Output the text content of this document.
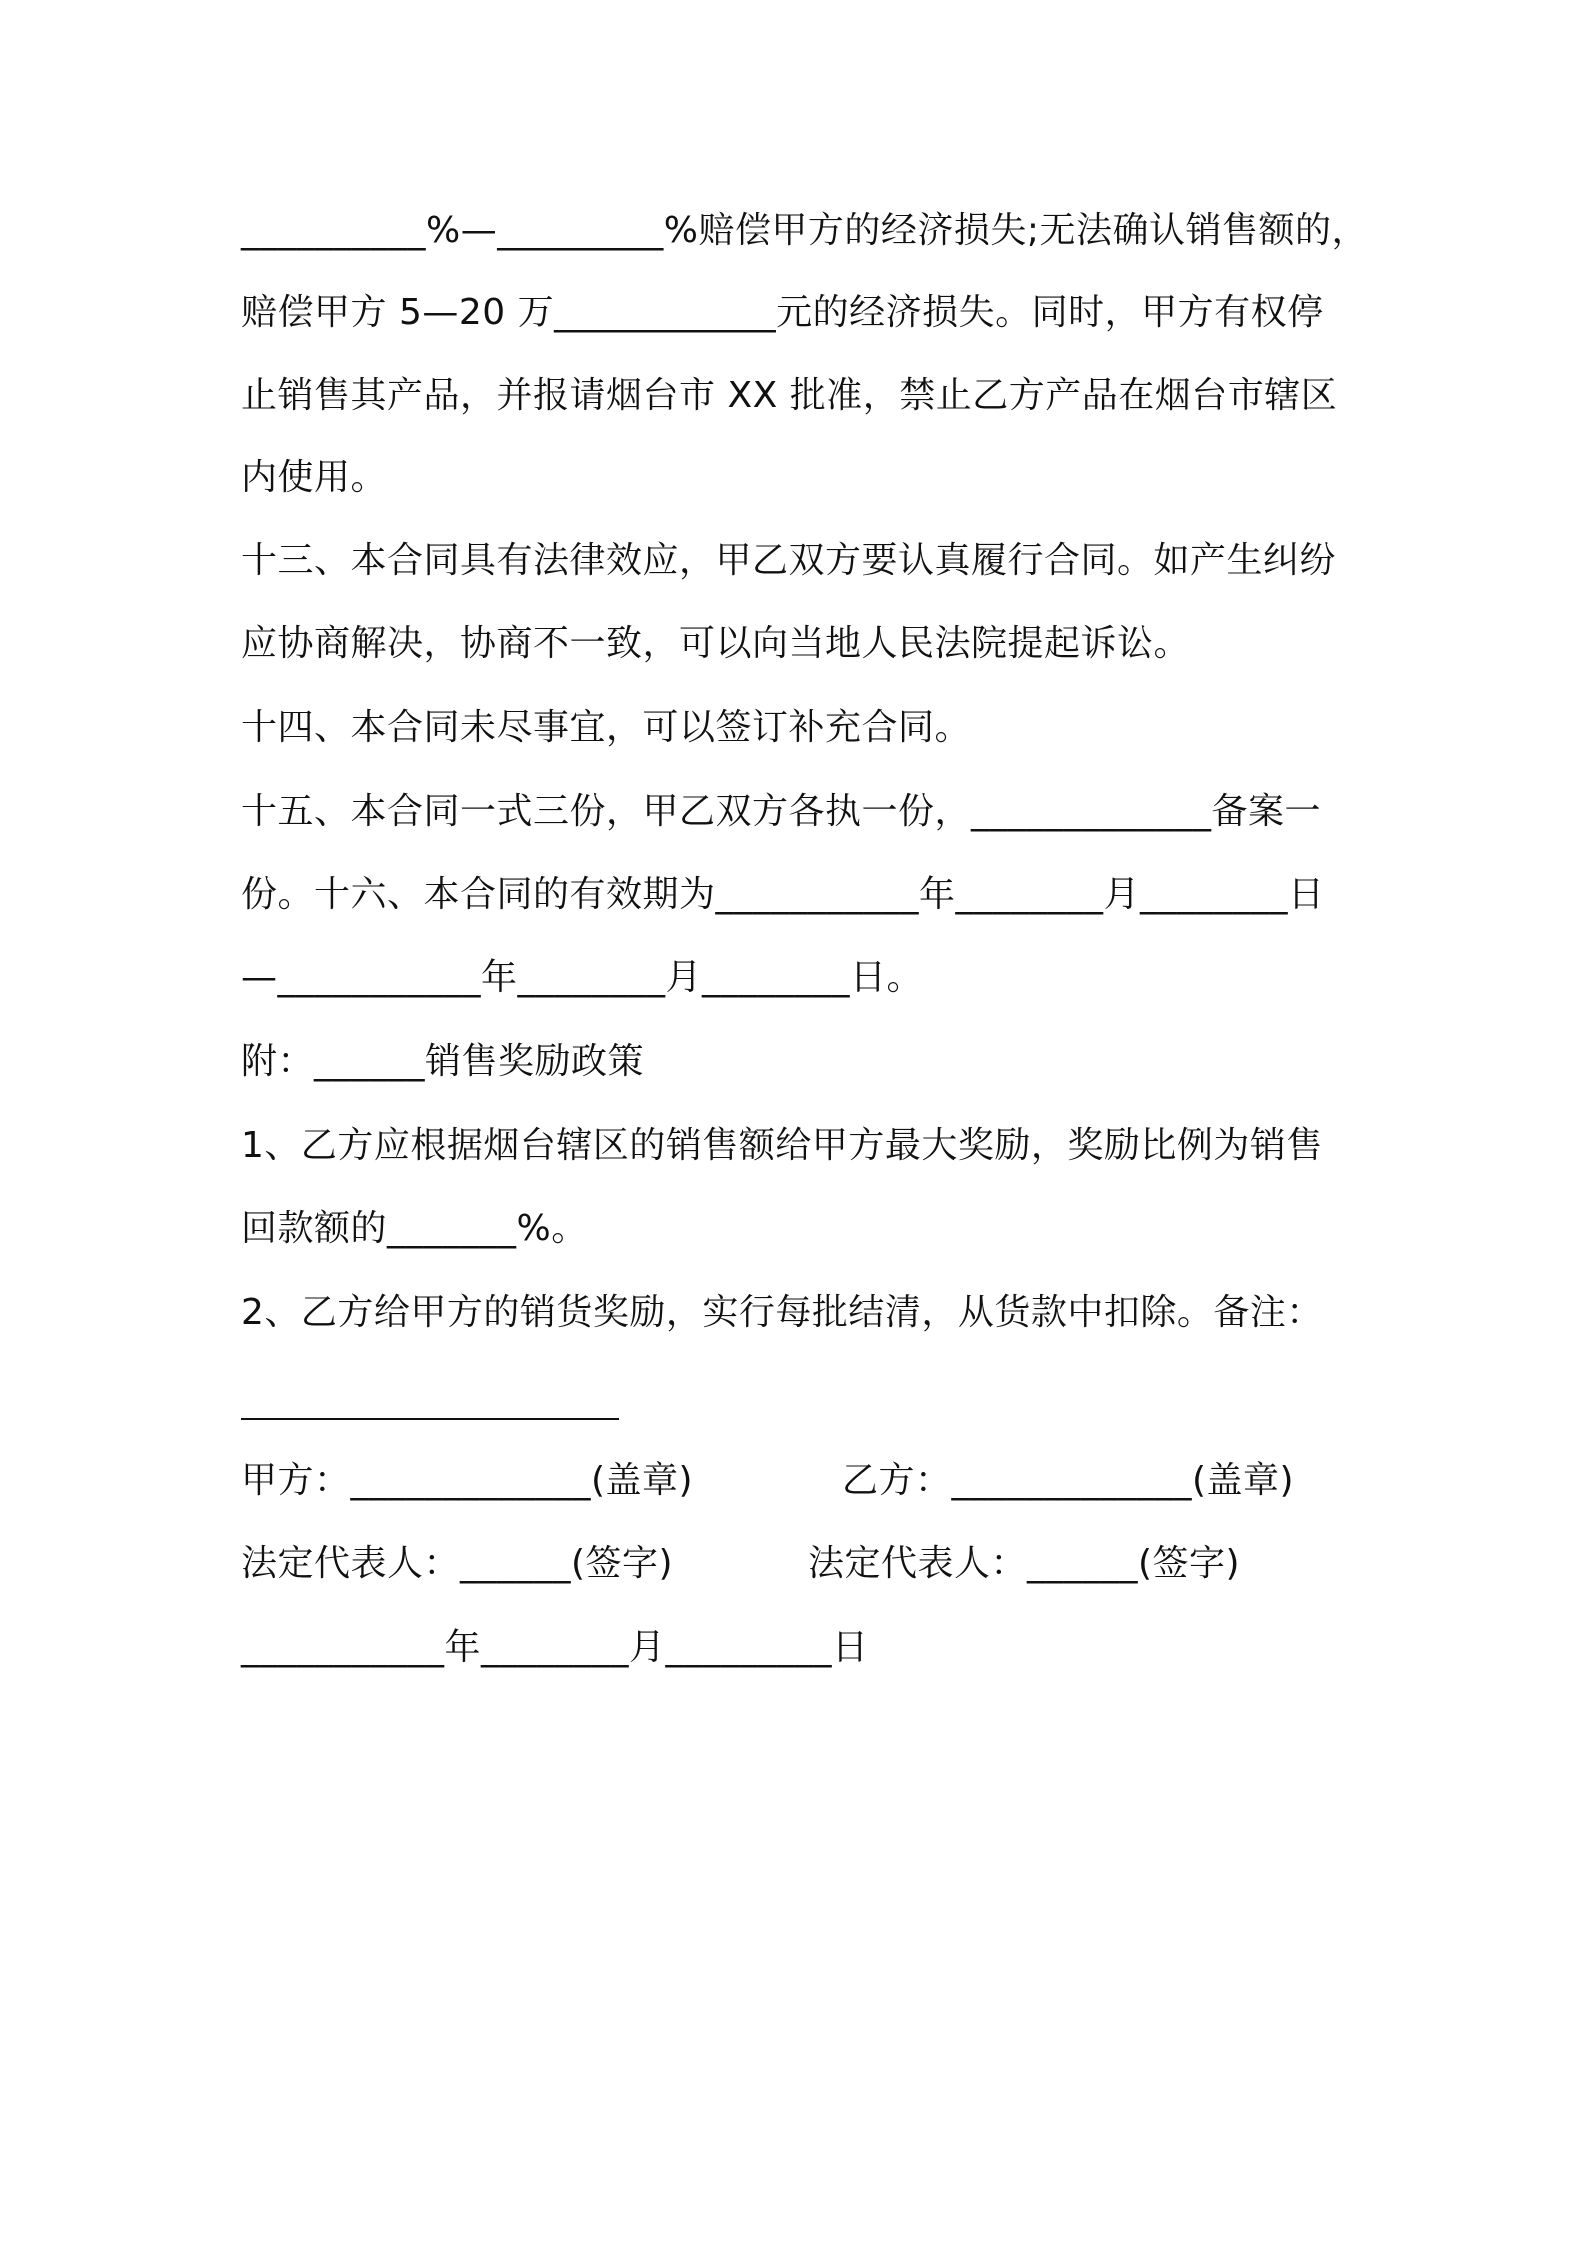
__________%—_________%赔偿甲方的经济损失;无法确认销售额的，
赔偿甲方 5—20 万____________元的经济损失。同时，甲方有权停
止销售其产品，并报请烟台市 XX 批准，禁止乙方产品在烟台市辖区
内使用。
十三、本合同具有法律效应，甲乙双方要认真履行合同。如产生纠纷
应协商解决，协商不一致，可以向当地人民法院提起诉讼。
十四、本合同未尽事宜，可以签订补充合同。
十五、本合同一式三份，甲乙双方各执一份，_____________备案一
份。十六、本合同的有效期为___________年________月________日
—___________年________月________日。
附：______销售奖励政策
1、乙方应根据烟台辖区的销售额给甲方最大奖励，奖励比例为销售
回款额的_______%。
2、乙方给甲方的销货奖励，实行每批结清，从货款中扣除。备注：
甲方：_____________(盖章)	乙方：_____________(盖章)
法定代表人：______(签字)	法定代表人：______(签字)
___________年________月_________日
